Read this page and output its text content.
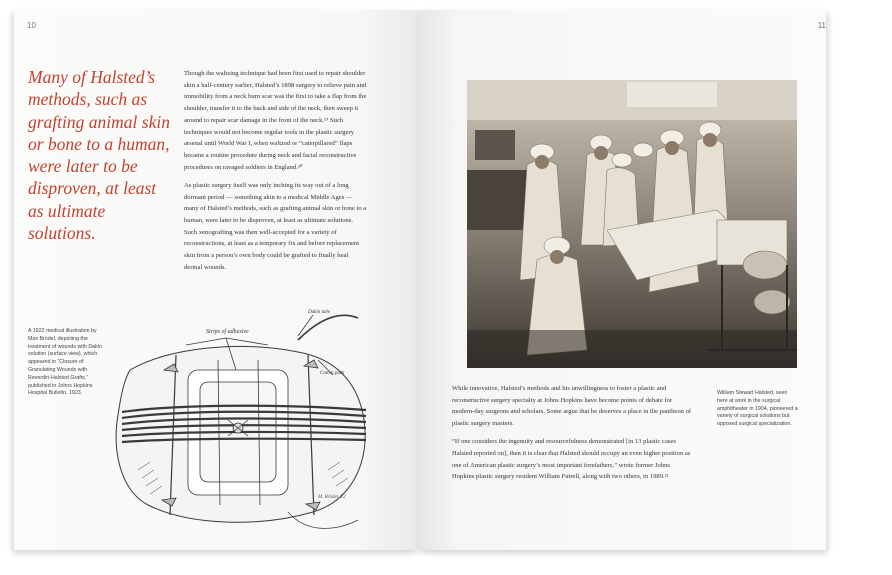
10	11
Many of Halsted’s methods, such as grafting animal skin or bone to a human, were later to be disproven, at least as ultimate solutions.

Though the waltzing technique had been first used to repair shoulder skin a half-century earlier, Halsted’s 1898 surgery to relieve pain and immobility from a neck burn scar was the first to take a flap from the shoulder, transfer it to the back and side of the neck, then sweep it around to repair scar damage in the front of the neck.¹⁹ Such techniques would not become regular tools in the plastic surgery arsenal until World War I, when waltzed or “caterpillared” flaps became a routine procedure during neck and facial reconstructive procedures on ravaged soldiers in England.²⁰

As plastic surgery itself was only inching its way out of a long dormant period — something akin to a medical Middle Ages — many of Halsted’s methods, such as grafting animal skin or bone to a human, were later to be disproven, at least as ultimate solutions. Such xenografting was then well-accepted for a variety of reconstructions, at least as a temporary fix and before replacement skin from a person’s own body could be grafted to finally heal dermal wounds.

A 1922 medical illustration by Max Brödel, depicting the treatment of wounds with Dakin solution (surface view), which appeared in “Closure of Granulating Wounds with Reverdin-Halsted Grafts,” published in Johns Hopkins Hospital Bulletin, 1923.
Strips of adhesive
Cotton pads
Dakin tube
M. Brödel '22

While innovative, Halsted’s methods and his unwillingness to foster a plastic and reconstructive surgery specialty at Johns Hopkins have become points of debate for modern-day surgeons and scholars. Some argue that he deserves a place in the pantheon of plastic surgery masters.

“If one considers the ingenuity and resourcefulness demonstrated [in 13 plastic cases Halsted reported on], then it is clear that Halsted should occupy an even higher position as one of American plastic surgery’s most important forefathers,” wrote former Johns Hopkins plastic surgery resident William Futrell, along with two others, in 1989.²¹

William Stewart Halsted, seen here at work in the surgical amphitheater in 1904, pioneered a variety of surgical solutions but opposed surgical specialization.
